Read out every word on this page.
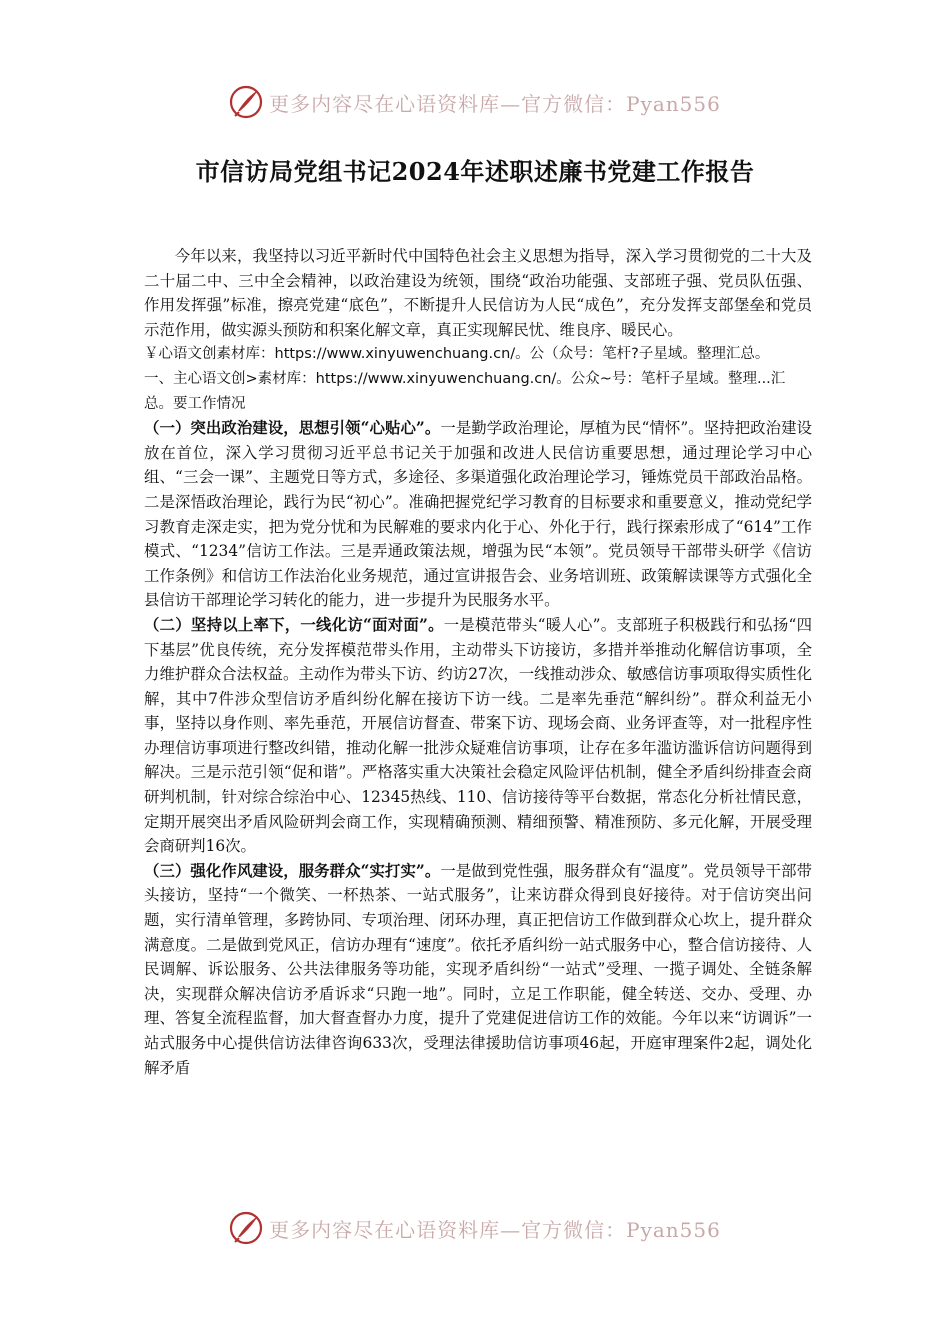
更多内容尽在心语资料库—官方微信：Pyan556
市信访局党组书记2024年述职述廉书党建工作报告

今年以来，我坚持以习近平新时代中国特色社会主义思想为指导，深入学习贯彻党的二十大及二十届二中、三中全会精神，以政治建设为统领，围绕“政治功能强、支部班子强、党员队伍强、作用发挥强”标准，擦亮党建“底色”，不断提升人民信访为人民“成色”，充分发挥支部堡垒和党员示范作用，做实源头预防和积案化解文章，真正实现解民忧、维良序、暖民心。

￥心语文创素材库：https://www.xinyuwenchuang.cn/。公（众号：笔杆?子星域。整理汇总。

一、主心语文创>素材库：https://www.xinyuwenchuang.cn/。公众~号：笔杆子星域。整理...汇总。要工作情况

（一）突出政治建设，思想引领“心贴心”。一是勤学政治理论，厚植为民“情怀”。坚持把政治建设放在首位，深入学习贯彻习近平总书记关于加强和改进人民信访重要思想，通过理论学习中心组、“三会一课”、主题党日等方式，多途径、多渠道强化政治理论学习，锤炼党员干部政治品格。二是深悟政治理论，践行为民“初心”。准确把握党纪学习教育的目标要求和重要意义，推动党纪学习教育走深走实，把为党分忧和为民解难的要求内化于心、外化于行，践行探索形成了“614”工作模式、“1234”信访工作法。三是弄通政策法规，增强为民“本领”。党员领导干部带头研学《信访工作条例》和信访工作法治化业务规范，通过宣讲报告会、业务培训班、政策解读课等方式强化全县信访干部理论学习转化的能力，进一步提升为民服务水平。

（二）坚持以上率下，一线化访“面对面”。一是模范带头“暖人心”。支部班子积极践行和弘扬“四下基层”优良传统，充分发挥模范带头作用，主动带头下访接访，多措并举推动化解信访事项，全力维护群众合法权益。主动作为带头下访、约访27次，一线推动涉众、敏感信访事项取得实质性化解，其中7件涉众型信访矛盾纠纷化解在接访下访一线。二是率先垂范“解纠纷”。群众利益无小事，坚持以身作则、率先垂范，开展信访督查、带案下访、现场会商、业务评查等，对一批程序性办理信访事项进行整改纠错，推动化解一批涉众疑难信访事项，让存在多年滥访滥诉信访问题得到解决。三是示范引领“促和谐”。严格落实重大决策社会稳定风险评估机制，健全矛盾纠纷排查会商研判机制，针对综合综治中心、12345热线、110、信访接待等平台数据，常态化分析社情民意，定期开展突出矛盾风险研判会商工作，实现精确预测、精细预警、精准预防、多元化解，开展受理会商研判16次。

（三）强化作风建设，服务群众“实打实”。一是做到党性强，服务群众有“温度”。党员领导干部带头接访，坚持“一个微笑、一杯热茶、一站式服务”，让来访群众得到良好接待。对于信访突出问题，实行清单管理，多跨协同、专项治理、闭环办理，真正把信访工作做到群众心坎上，提升群众满意度。二是做到党风正，信访办理有“速度”。依托矛盾纠纷一站式服务中心，整合信访接待、人民调解、诉讼服务、公共法律服务等功能，实现矛盾纠纷“一站式”受理、一揽子调处、全链条解决，实现群众解决信访矛盾诉求“只跑一地”。同时，立足工作职能，健全转送、交办、受理、办理、答复全流程监督，加大督查督办力度，提升了党建促进信访工作的效能。今年以来“访调诉”一站式服务中心提供信访法律咨询633次，受理法律援助信访事项46起，开庭审理案件2起，调处化解矛盾

更多内容尽在心语资料库—官方微信：Pyan556
